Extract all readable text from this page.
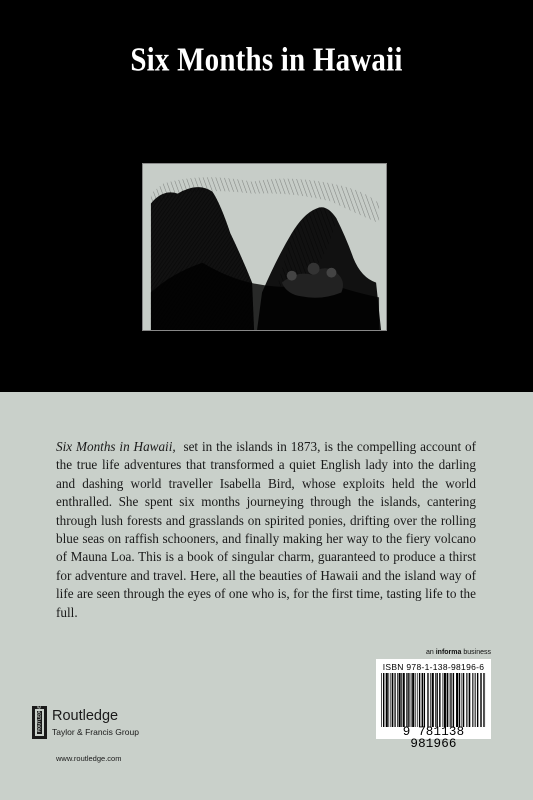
Six Months in Hawaii

Six Months in Hawaii, set in the islands in 1873, is the compelling account of the true life adventures that transformed a quiet English lady into the darling and dashing world traveller Isabella Bird, whose exploits held the world enthralled. She spent six months journeying through the islands, cantering through lush forests and grasslands on spirited ponies, drifting over the rolling blue seas on raffish schooners, and finally making her way to the fiery volcano of Mauna Loa. This is a book of singular charm, guaranteed to produce a thirst for adventure and travel. Here, all the beauties of Hawaii and the island way of life are seen through the eyes of one who is, for the first time, tasting life to the full.

an informa business
ISBN 978-1-138-98196-6
9 781138 981966
ROUTLEDGE Routledge
Taylor & Francis Group
www.routledge.com
